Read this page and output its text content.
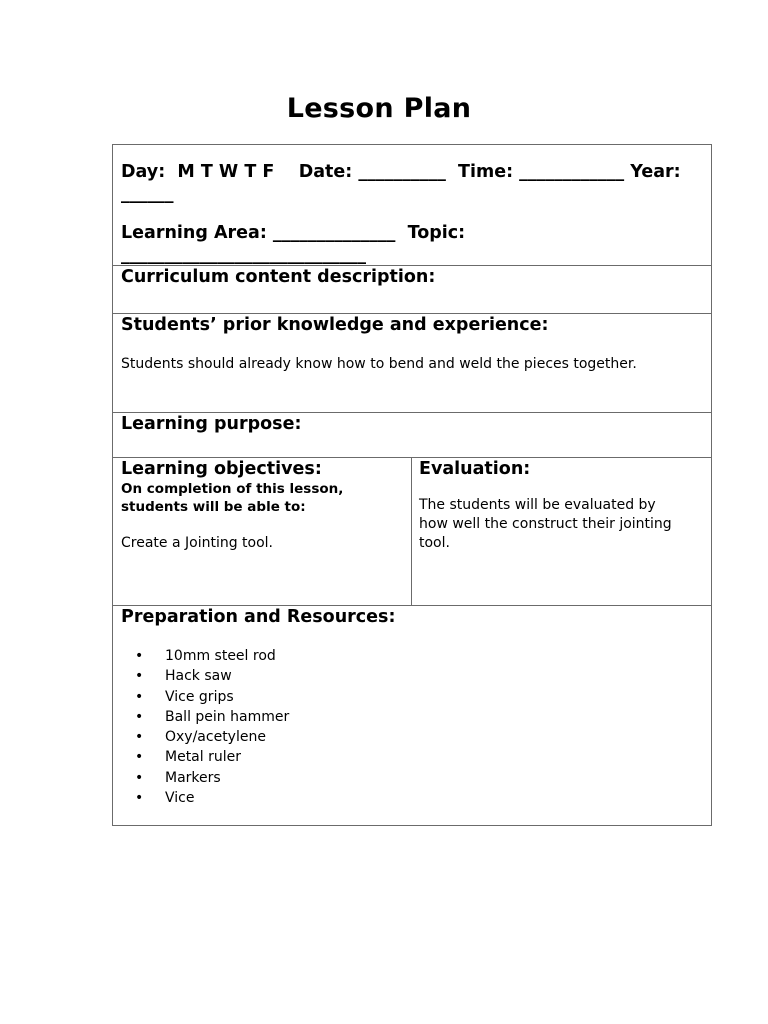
Lesson Plan
Day: M T W T F Date: __________ Time: ____________ Year:
______
Learning Area: ______________ Topic:
____________________________
Curriculum content description:
Students’ prior knowledge and experience:
Students should already know how to bend and weld the pieces together.
Learning purpose:
Learning objectives:
On completion of this lesson,
students will be able to:
Create a Jointing tool.
Evaluation:
The students will be evaluated by
how well the construct their jointing
tool.
Preparation and Resources:
• 10mm steel rod
• Hack saw
• Vice grips
• Ball pein hammer
• Oxy/acetylene
• Metal ruler
• Markers
• Vice
